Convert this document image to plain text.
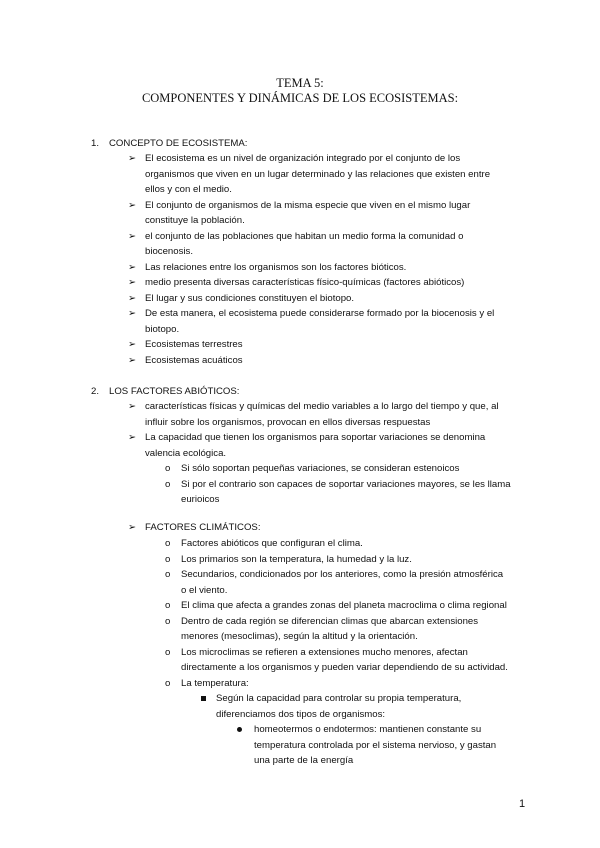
TEMA 5:
COMPONENTES Y DINÁMICAS DE LOS ECOSISTEMAS:
1. CONCEPTO DE ECOSISTEMA:
➢ El ecosistema es un nivel de organización integrado por el conjunto de los
organismos que viven en un lugar determinado y las relaciones que existen entre
ellos y con el medio.
➢ El conjunto de organismos de la misma especie que viven en el mismo lugar
constituye la población.
➢ el conjunto de las poblaciones que habitan un medio forma la comunidad o
biocenosis.
➢ Las relaciones entre los organismos son los factores bióticos.
➢ medio presenta diversas características físico-químicas (factores abióticos)
➢ El lugar y sus condiciones constituyen el biotopo.
➢ De esta manera, el ecosistema puede considerarse formado por la biocenosis y el
biotopo.
➢ Ecosistemas terrestres
➢ Ecosistemas acuáticos
2. LOS FACTORES ABIÓTICOS:
➢ características físicas y químicas del medio variables a lo largo del tiempo y que, al
influir sobre los organismos, provocan en ellos diversas respuestas
➢ La capacidad que tienen los organismos para soportar variaciones se denomina
valencia ecológica.
o Si sólo soportan pequeñas variaciones, se consideran estenoicos
o Si por el contrario son capaces de soportar variaciones mayores, se les llama
eurioicos
➢ FACTORES CLIMÁTICOS:
o Factores abióticos que configuran el clima.
o Los primarios son la temperatura, la humedad y la luz.
o Secundarios, condicionados por los anteriores, como la presión atmosférica
o el viento.
o El clima que afecta a grandes zonas del planeta macroclima o clima regional
o Dentro de cada región se diferencian climas que abarcan extensiones
menores (mesoclimas), según la altitud y la orientación.
o Los microclimas se refieren a extensiones mucho menores, afectan
directamente a los organismos y pueden variar dependiendo de su actividad.
o La temperatura:
Según la capacidad para controlar su propia temperatura,
diferenciamos dos tipos de organismos:
homeotermos o endotermos: mantienen constante su
temperatura controlada por el sistema nervioso, y gastan
una parte de la energía
1
